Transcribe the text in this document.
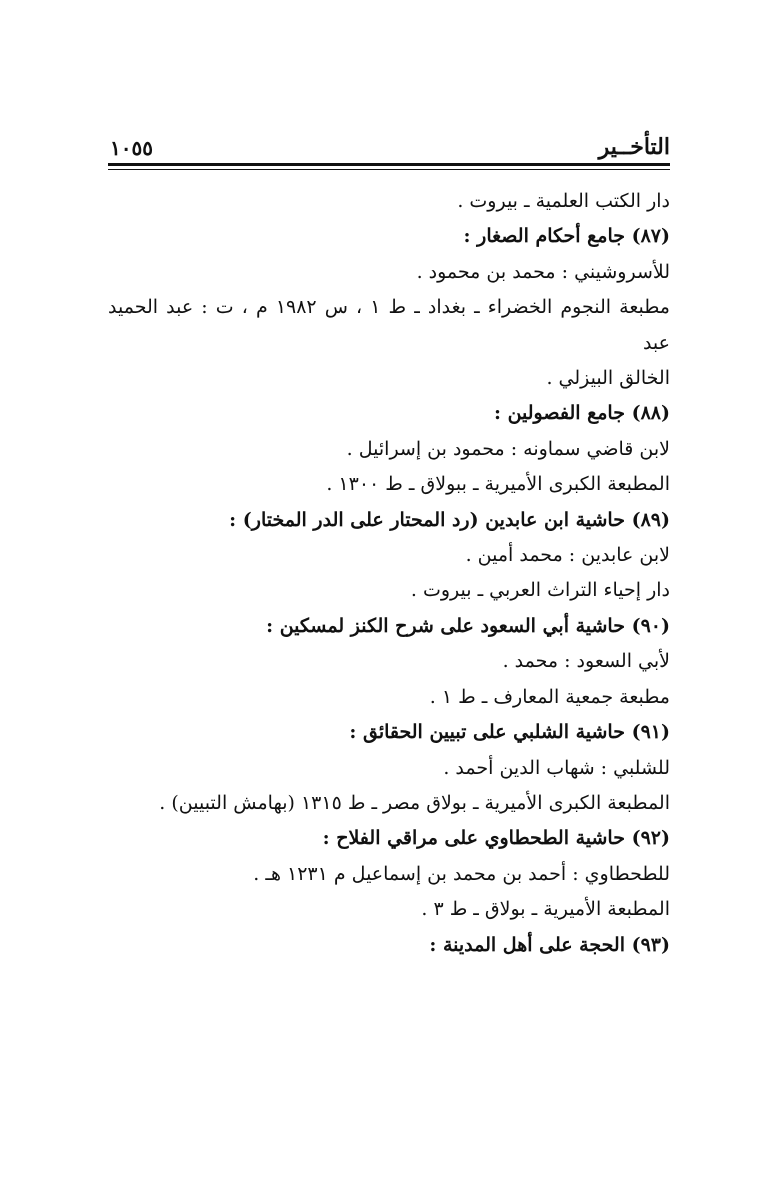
التأخــير
١٠٥٥

دار الكتب العلمية ـ بيروت .

(٨٧) جامع أحكام الصغار :

للأسروشيني : محمد بن محمود .

مطبعة النجوم الخضراء ـ بغداد ـ ط ١ ، س ١٩٨٢ م ، ت : عبد الحميد عبد

الخالق البيزلي .

(٨٨) جامع الفصولين :

لابن قاضي سماونه : محمود بن إسرائيل .

المطبعة الكبرى الأميرية ـ ببولاق ـ ط ١٣٠٠ .

(٨٩) حاشية ابن عابدين (رد المحتار على الدر المختار) :

لابن عابدين : محمد أمين .

دار إحياء التراث العربي ـ بيروت .

(٩٠) حاشية أبي السعود على شرح الكنز لمسكين :

لأبي السعود : محمد .

مطبعة جمعية المعارف ـ ط ١ .

(٩١) حاشية الشلبي على تبيين الحقائق :

للشلبي : شهاب الدين أحمد .

المطبعة الكبرى الأميرية ـ بولاق مصر ـ ط ١٣١٥ (بهامش التبيين) .

(٩٢) حاشية الطحطاوي على مراقي الفلاح :

للطحطاوي : أحمد بن محمد بن إسماعيل م ١٢٣١ هـ .

المطبعة الأميرية ـ بولاق ـ ط ٣ .

(٩٣) الحجة على أهل المدينة :
